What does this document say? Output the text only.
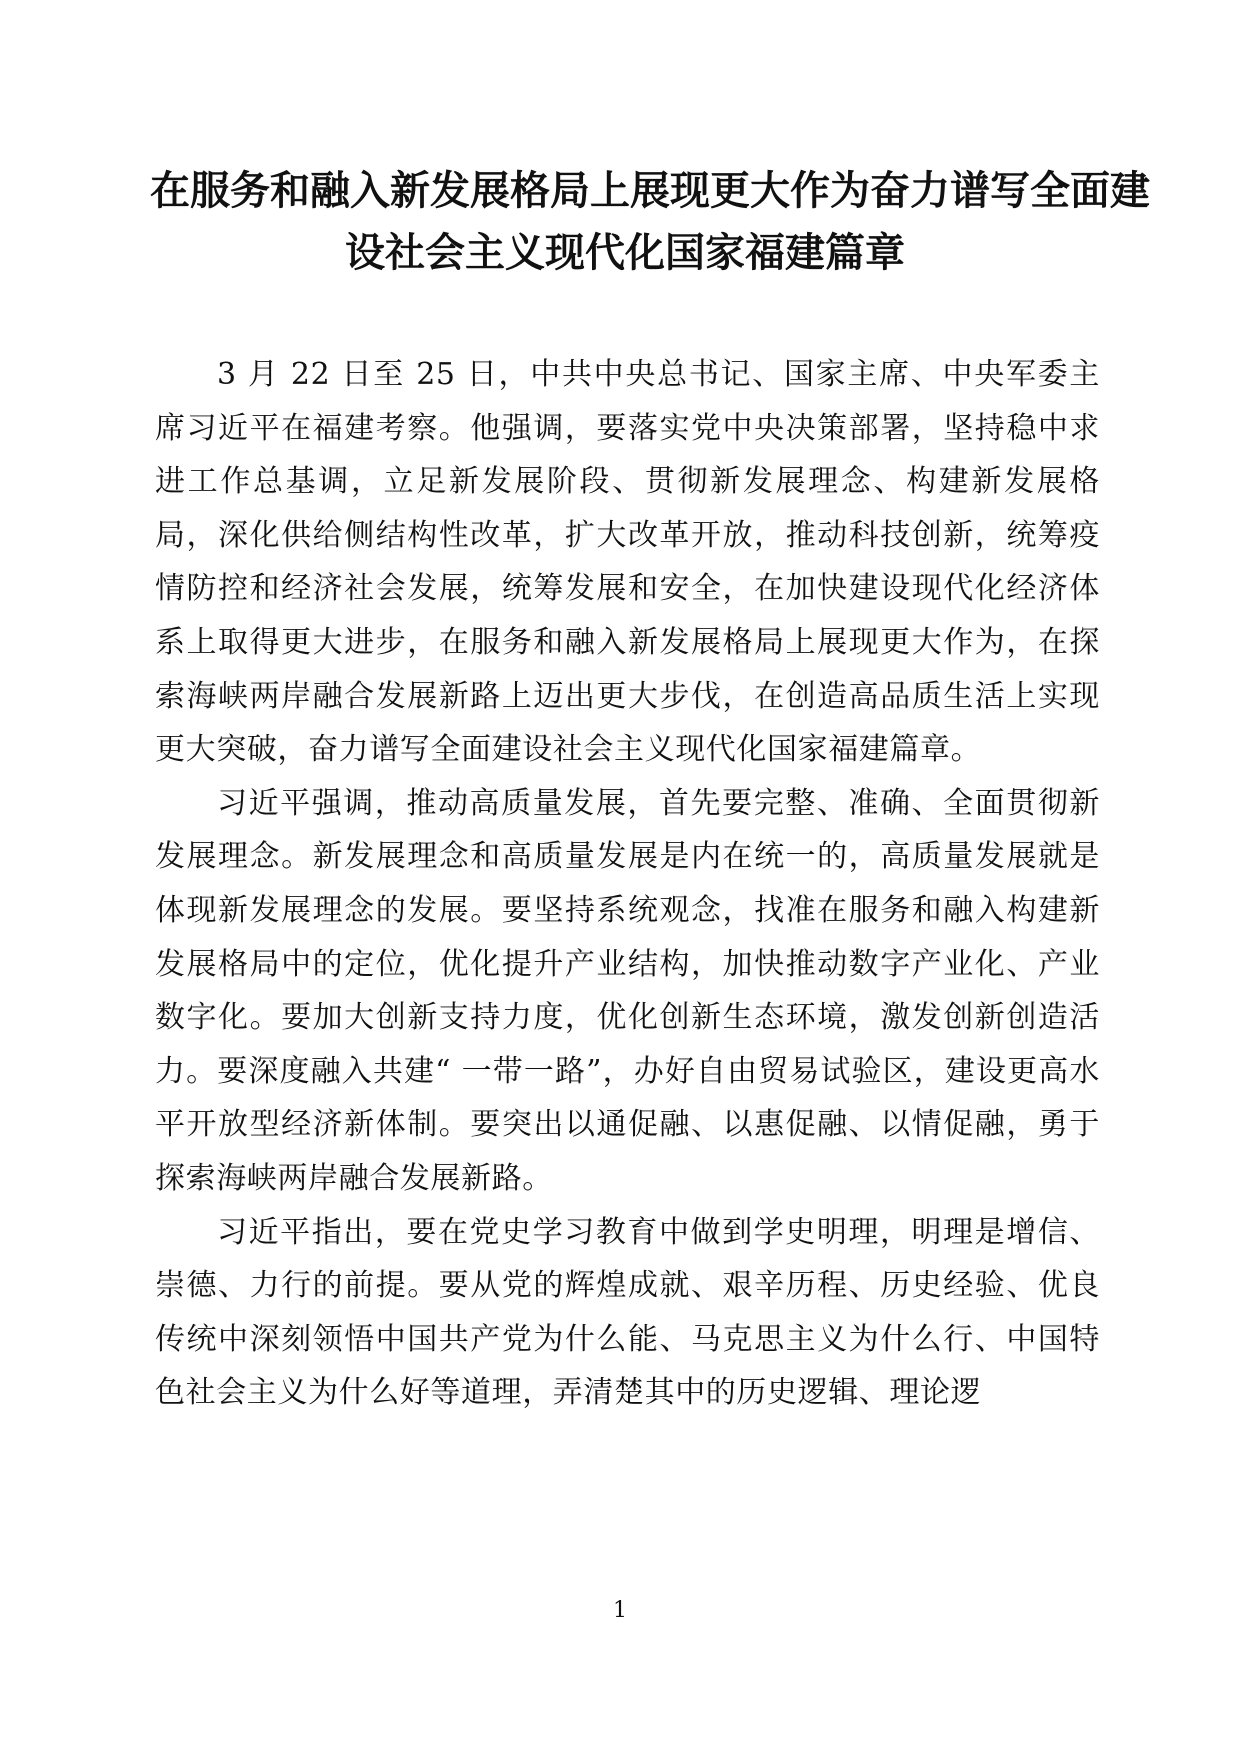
在服务和融入新发展格局上展现更大作为奋力谱写全面建
设社会主义现代化国家福建篇章

3 月 22 日至 25 日，中共中央总书记、国家主席、中央军委主席习近平在福建考察。他强调，要落实党中央决策部署，坚持稳中求进工作总基调，立足新发展阶段、贯彻新发展理念、构建新发展格局，深化供给侧结构性改革，扩大改革开放，推动科技创新，统筹疫情防控和经济社会发展，统筹发展和安全，在加快建设现代化经济体系上取得更大进步，在服务和融入新发展格局上展现更大作为，在探索海峡两岸融合发展新路上迈出更大步伐，在创造高品质生活上实现更大突破，奋力谱写全面建设社会主义现代化国家福建篇章。

习近平强调，推动高质量发展，首先要完整、准确、全面贯彻新发展理念。新发展理念和高质量发展是内在统一的，高质量发展就是体现新发展理念的发展。要坚持系统观念，找准在服务和融入构建新发展格局中的定位，优化提升产业结构，加快推动数字产业化、产业数字化。要加大创新支持力度，优化创新生态环境，激发创新创造活力。要深度融入共建“ 一带一路”，办好自由贸易试验区，建设更高水平开放型经济新体制。要突出以通促融、以惠促融、以情促融，勇于探索海峡两岸融合发展新路。

习近平指出，要在党史学习教育中做到学史明理，明理是增信、崇德、力行的前提。要从党的辉煌成就、艰辛历程、历史经验、优良传统中深刻领悟中国共产党为什么能、马克思主义为什么行、中国特色社会主义为什么好等道理，弄清楚其中的历史逻辑、理论逻

1
